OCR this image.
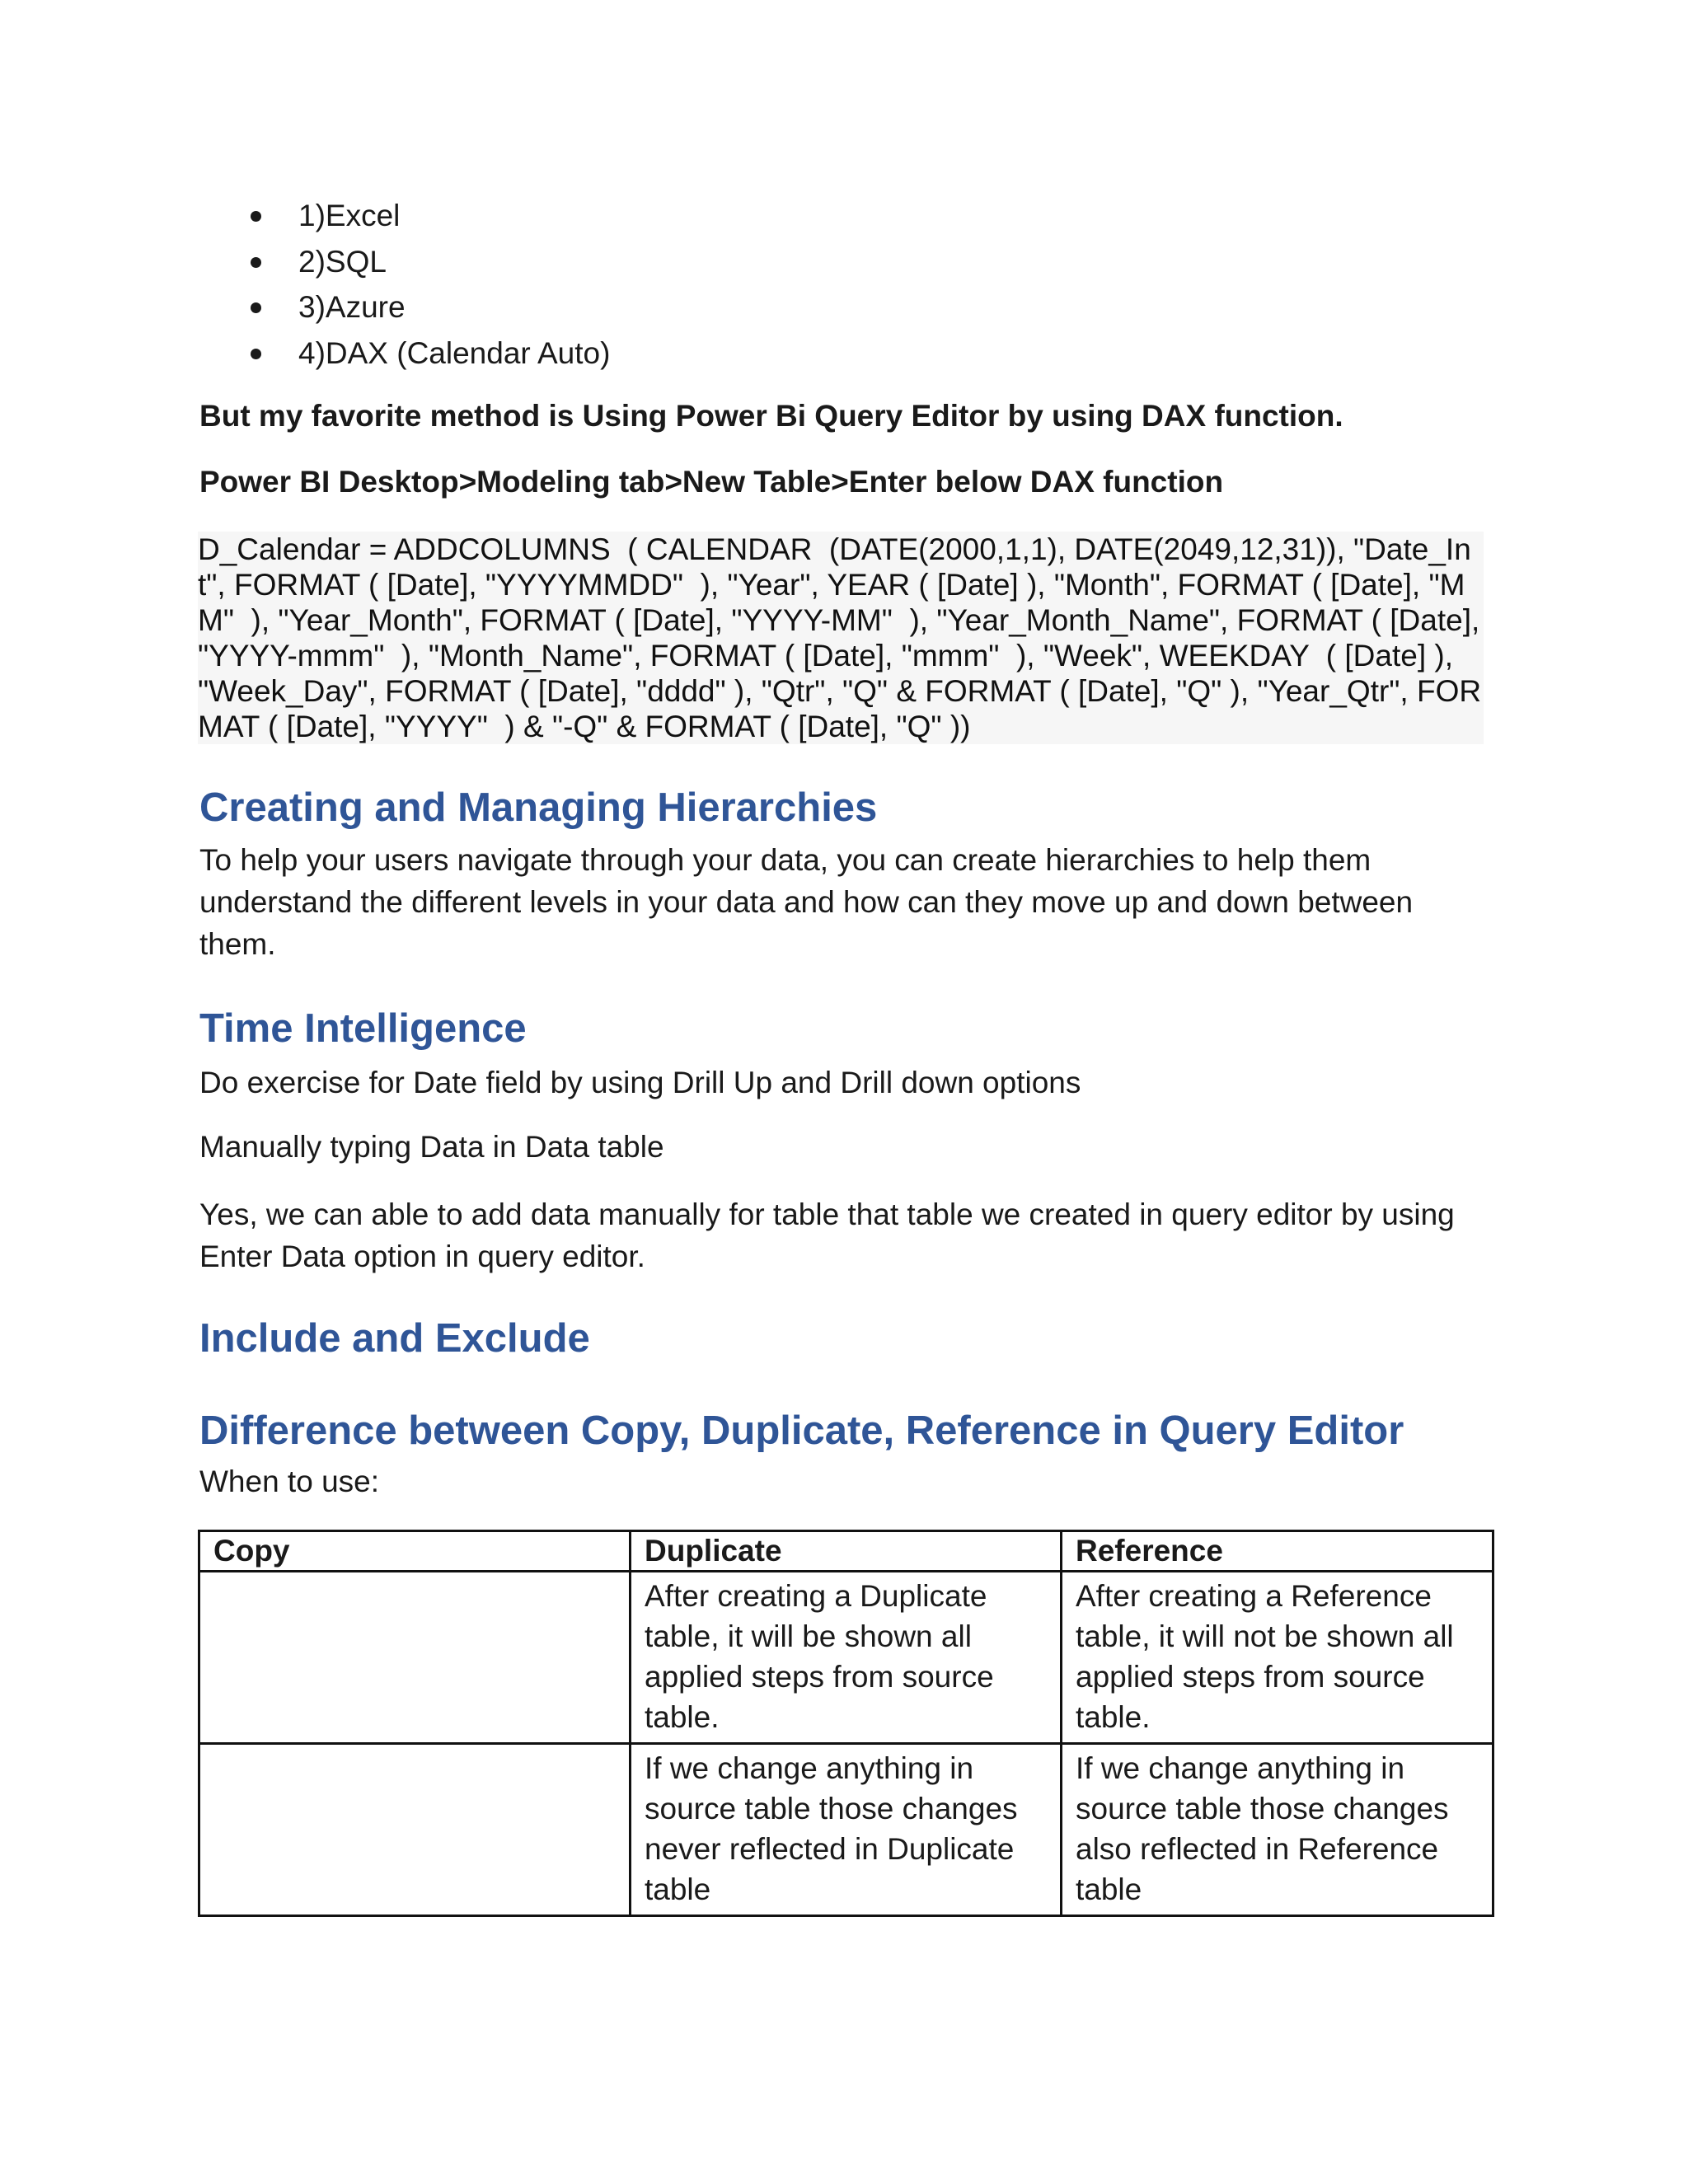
1)Excel
2)SQL
3)Azure
4)DAX (Calendar Auto)
But my favorite method is Using Power Bi Query Editor by using DAX function.
Power BI Desktop>Modeling tab>New Table>Enter below DAX function
D_Calendar = ADDCOLUMNS  ( CALENDAR  (DATE(2000,1,1), DATE(2049,12,31)), "Date_Int", FORMAT ( [Date], "YYYYMMDD"  ), "Year", YEAR ( [Date] ), "Month", FORMAT ( [Date], "MM"  ), "Year_Month", FORMAT ( [Date], "YYYY-MM"  ), "Year_Month_Name", FORMAT ( [Date], "YYYY-mmm"  ), "Month_Name", FORMAT ( [Date], "mmm"  ), "Week", WEEKDAY  ( [Date] ), "Week_Day", FORMAT ( [Date], "dddd" ), "Qtr", "Q" & FORMAT ( [Date], "Q" ), "Year_Qtr", FORMAT ( [Date], "YYYY"  ) & "-Q" & FORMAT ( [Date], "Q" ))
Creating and Managing Hierarchies

To help your users navigate through your data, you can create hierarchies to help them understand the different levels in your data and how can they move up and down between them.

Time Intelligence

Do exercise for Date field by using Drill Up and Drill down options

Manually typing Data in Data table

Yes, we can able to add data manually for table that table we created in query editor by using Enter Data option in query editor.

Include and Exclude
Difference between Copy, Duplicate, Reference in Query Editor

When to use:

Copy	Duplicate	Reference
	After creating a Duplicate table, it will be shown all applied steps from source table.	After creating a Reference table, it will not be shown all applied steps from source table.
	If we change anything in source table those changes never reflected in Duplicate table	If we change anything in source table those changes also reflected in Reference table
